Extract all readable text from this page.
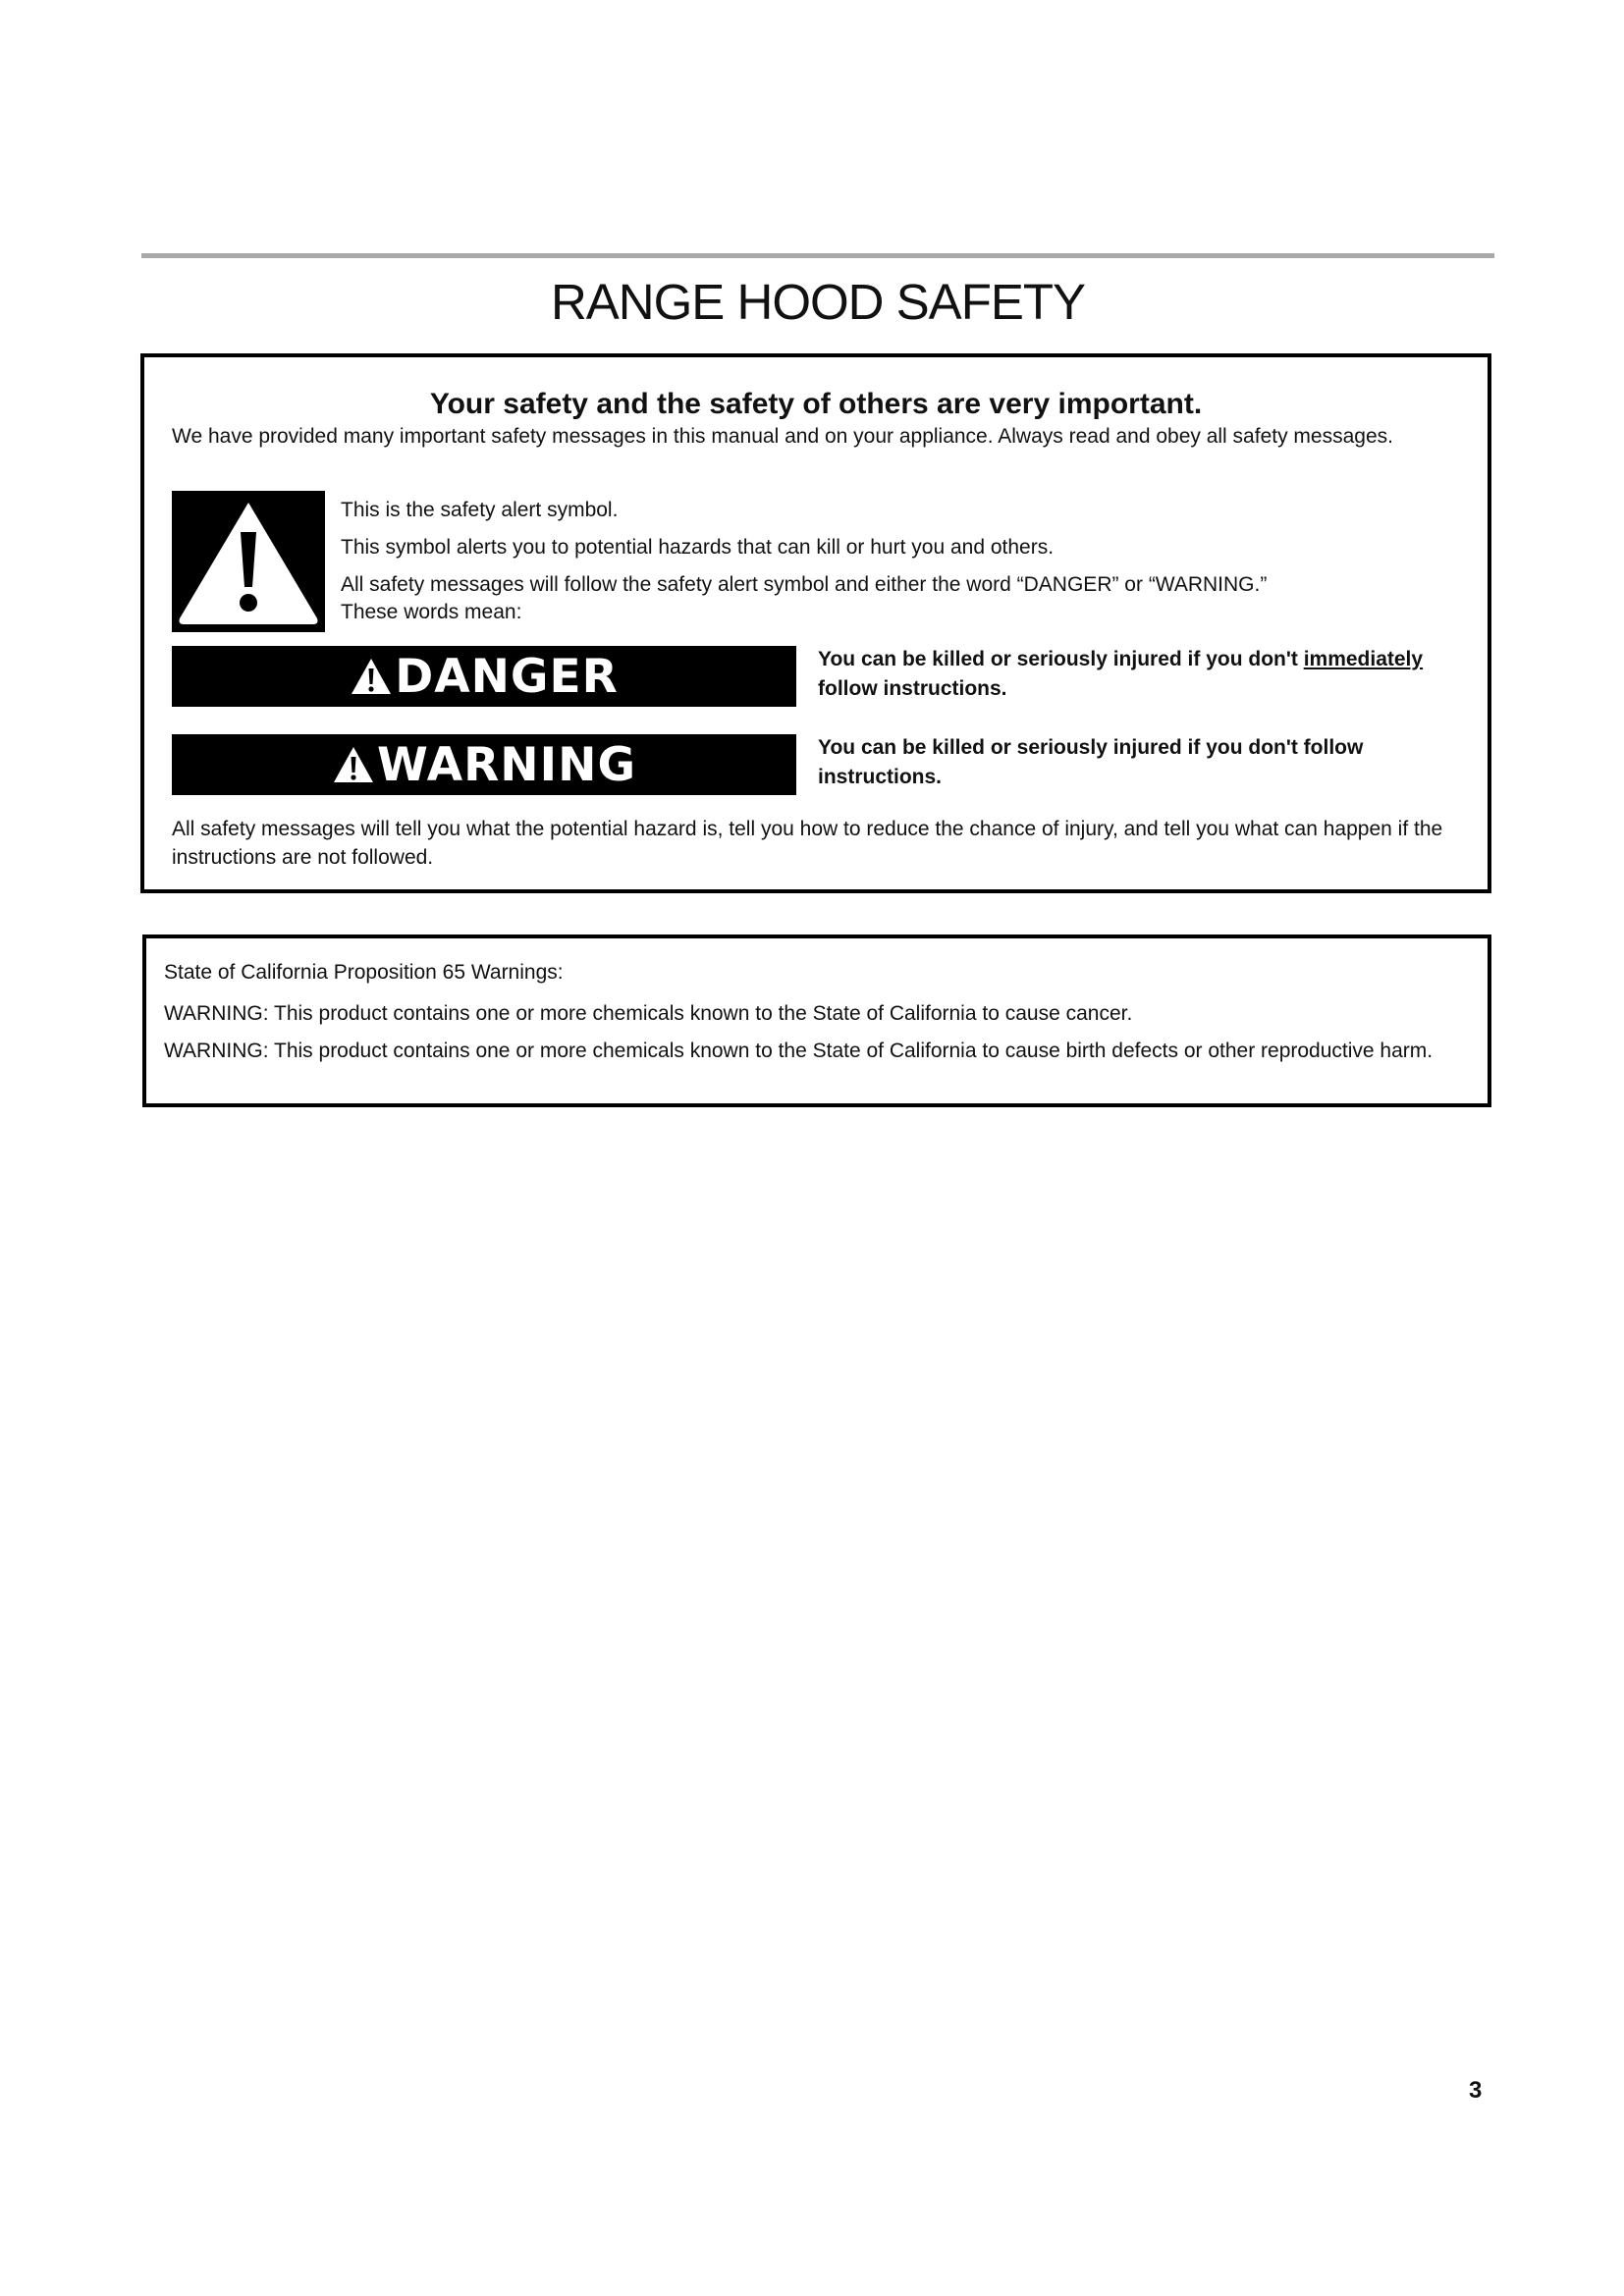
RANGE HOOD SAFETY
Your safety and the safety of others are very important.
We have provided many important safety messages in this manual and on your appliance. Always read and obey all safety messages.
This is the safety alert symbol.
This symbol alerts you to potential hazards that can kill or hurt you and others.
All safety messages will follow the safety alert symbol and either the word “DANGER” or “WARNING.”
These words mean:
DANGER	You can be killed or seriously injured if you don't immediately
follow instructions.
WARNING	You can be killed or seriously injured if you don't follow instructions.
All safety messages will tell you what the potential hazard is, tell you how to reduce the chance of injury, and tell you what can happen if the instructions are not followed.
State of California Proposition 65 Warnings:
WARNING: This product contains one or more chemicals known to the State of California to cause cancer.
WARNING: This product contains one or more chemicals known to the State of California to cause birth defects or other reproductive harm.
3
